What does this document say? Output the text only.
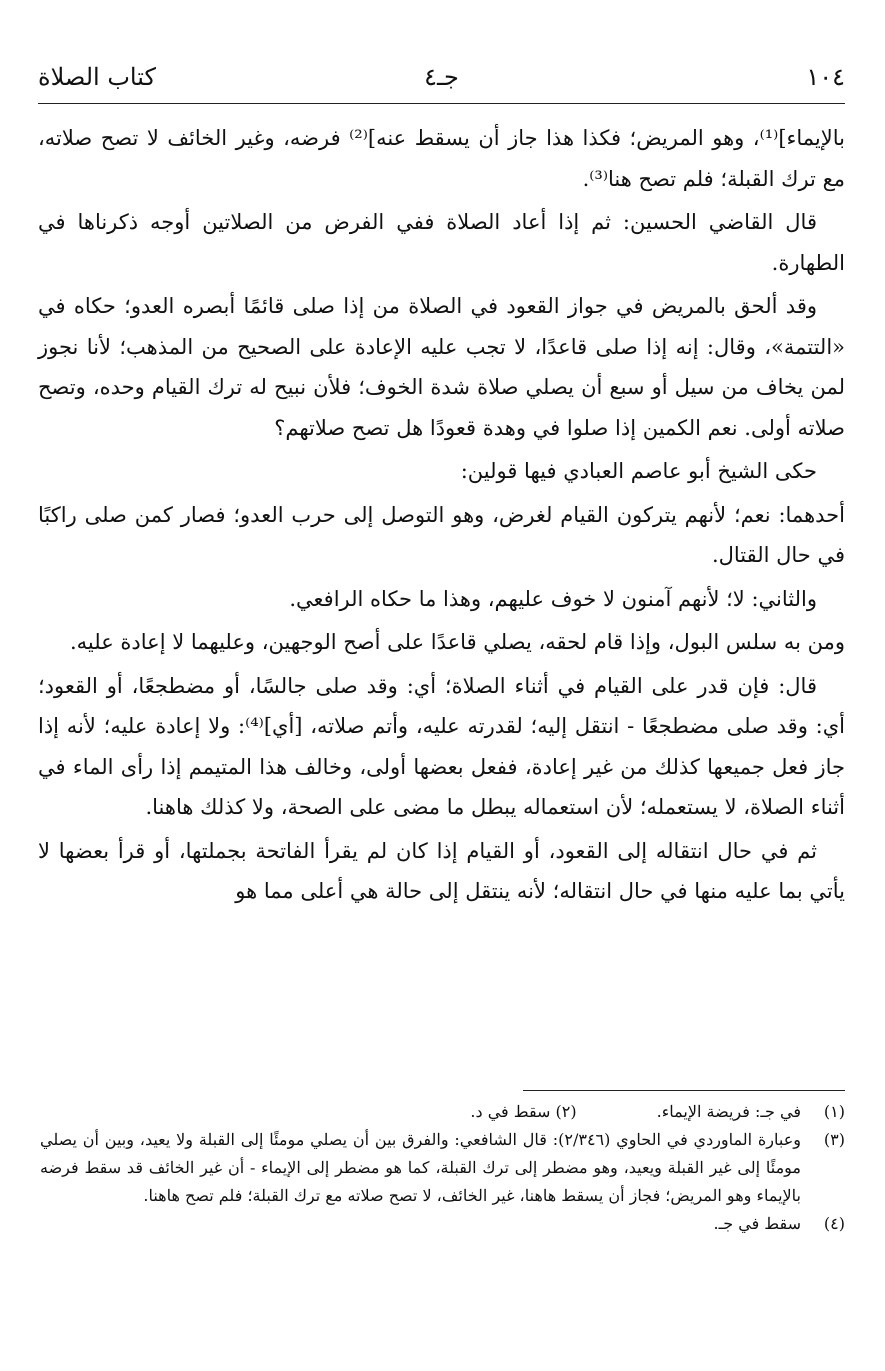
١٠٤
جـ٤
كتاب الصلاة

بالإيماء]⁽¹⁾، وهو المريض؛ فكذا هذا جاز أن يسقط عنه]⁽²⁾ فرضه، وغير الخائف لا تصح صلاته، مع ترك القبلة؛ فلم تصح هنا⁽³⁾.

قال القاضي الحسين: ثم إذا أعاد الصلاة ففي الفرض من الصلاتين أوجه ذكرناها في الطهارة.

وقد ألحق بالمريض في جواز القعود في الصلاة من إذا صلى قائمًا أبصره العدو؛ حكاه في «التتمة»، وقال: إنه إذا صلى قاعدًا، لا تجب عليه الإعادة على الصحيح من المذهب؛ لأنا نجوز لمن يخاف من سيل أو سبع أن يصلي صلاة شدة الخوف؛ فلأن نبيح له ترك القيام وحده، وتصح صلاته أولى. نعم الكمين إذا صلوا في وهدة قعودًا هل تصح صلاتهم؟

حكى الشيخ أبو عاصم العبادي فيها قولين:

أحدهما: نعم؛ لأنهم يتركون القيام لغرض، وهو التوصل إلى حرب العدو؛ فصار كمن صلى راكبًا في حال القتال.

والثاني: لا؛ لأنهم آمنون لا خوف عليهم، وهذا ما حكاه الرافعي.

ومن به سلس البول، وإذا قام لحقه، يصلي قاعدًا على أصح الوجهين، وعليهما لا إعادة عليه.

قال: فإن قدر على القيام في أثناء الصلاة؛ أي: وقد صلى جالسًا، أو مضطجعًا، أو القعود؛ أي: وقد صلى مضطجعًا - انتقل إليه؛ لقدرته عليه، وأتم صلاته، [أي]⁽⁴⁾: ولا إعادة عليه؛ لأنه إذا جاز فعل جميعها كذلك من غير إعادة، ففعل بعضها أولى، وخالف هذا المتيمم إذا رأى الماء في أثناء الصلاة، لا يستعمله؛ لأن استعماله يبطل ما مضى على الصحة، ولا كذلك هاهنا.

ثم في حال انتقاله إلى القعود، أو القيام إذا كان لم يقرأ الفاتحة بجملتها، أو قرأ بعضها لا يأتي بما عليه منها في حال انتقاله؛ لأنه ينتقل إلى حالة هي أعلى مما هو

(١)
في جـ: فريضة الإيماء.(٢) سقط في د.
(٣)
وعبارة الماوردي في الحاوي (٢/٣٤٦): قال الشافعي: والفرق بين أن يصلي مومئًا إلى القبلة ولا يعيد، وبين أن يصلي مومئًا إلى غير القبلة ويعيد، وهو مضطر إلى ترك القبلة، كما هو مضطر إلى الإيماء - أن غير الخائف قد سقط فرضه بالإيماء وهو المريض؛ فجاز أن يسقط هاهنا، غير الخائف، لا تصح صلاته مع ترك القبلة؛ فلم تصح هاهنا.
(٤)
سقط في جـ.
